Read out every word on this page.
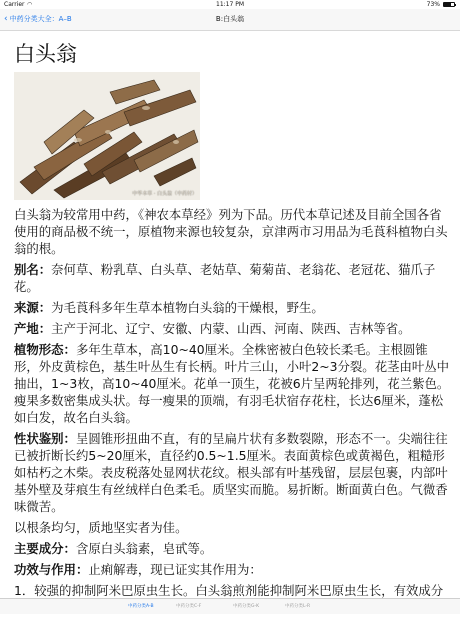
Carrier ◠	11:17 PM	73%
‹ 中药分类大全：A–B	B:白头翁
白头翁
中华本草 · 白头翁（中药材）

白头翁为较常用中药，《神农本草经》列为下品。历代本草记述及目前全国各省使用的商品极不统一，原植物来源也较复杂，京津两市习用品为毛莨科植物白头翁的根。

别名：奈何草、粉乳草、白头草、老姑草、菊菊苗、老翁花、老冠花、猫爪子花。

来源：为毛莨科多年生草本植物白头翁的干燥根，野生。

产地：主产于河北、辽宁、安徽、内蒙、山西、河南、陕西、吉林等省。

植物形态：多年生草本，高10~40厘米。全株密被白色较长柔毛。主根圆锥形，外皮黄棕色，基生叶丛生有长柄。叶片三山，小叶2~3分裂。花茎由叶丛中抽出，1~3枚，高10~40厘米。花单一顶生，花被6片呈两轮排列，花兰紫色。瘦果多数密集成头状。每一瘦果的顶端，有羽毛状宿存花柱，长达6厘米，蓬松如白发，故名白头翁。

性状鉴别：呈圆锥形扭曲不直，有的呈扁片状有多数裂隙，形态不一。尖端往往已被折断长约5~20厘米，直径约0.5~1.5厘米。表面黄棕色或黄褐色，粗糙形如枯朽之木柴。表皮税落处显网状花纹。根头部有叶基残留，层层包裹，内部叶基外壁及芽痕生有丝绒样白色柔毛。质坚实而脆。易折断。断面黄白色。气微香味微苦。

以根条均匀，质地坚实者为佳。

主要成分：含原白头翁素，皂甙等。

功效与作用：止痢解毒，现已证实其作用为：

1．较强的抑制阿米巴原虫生长。白头翁煎剂能抑制阿米巴原虫生长，有效成分

中药分类A-B	中药分类C-F	中药分类G-K	中药分类L-R
